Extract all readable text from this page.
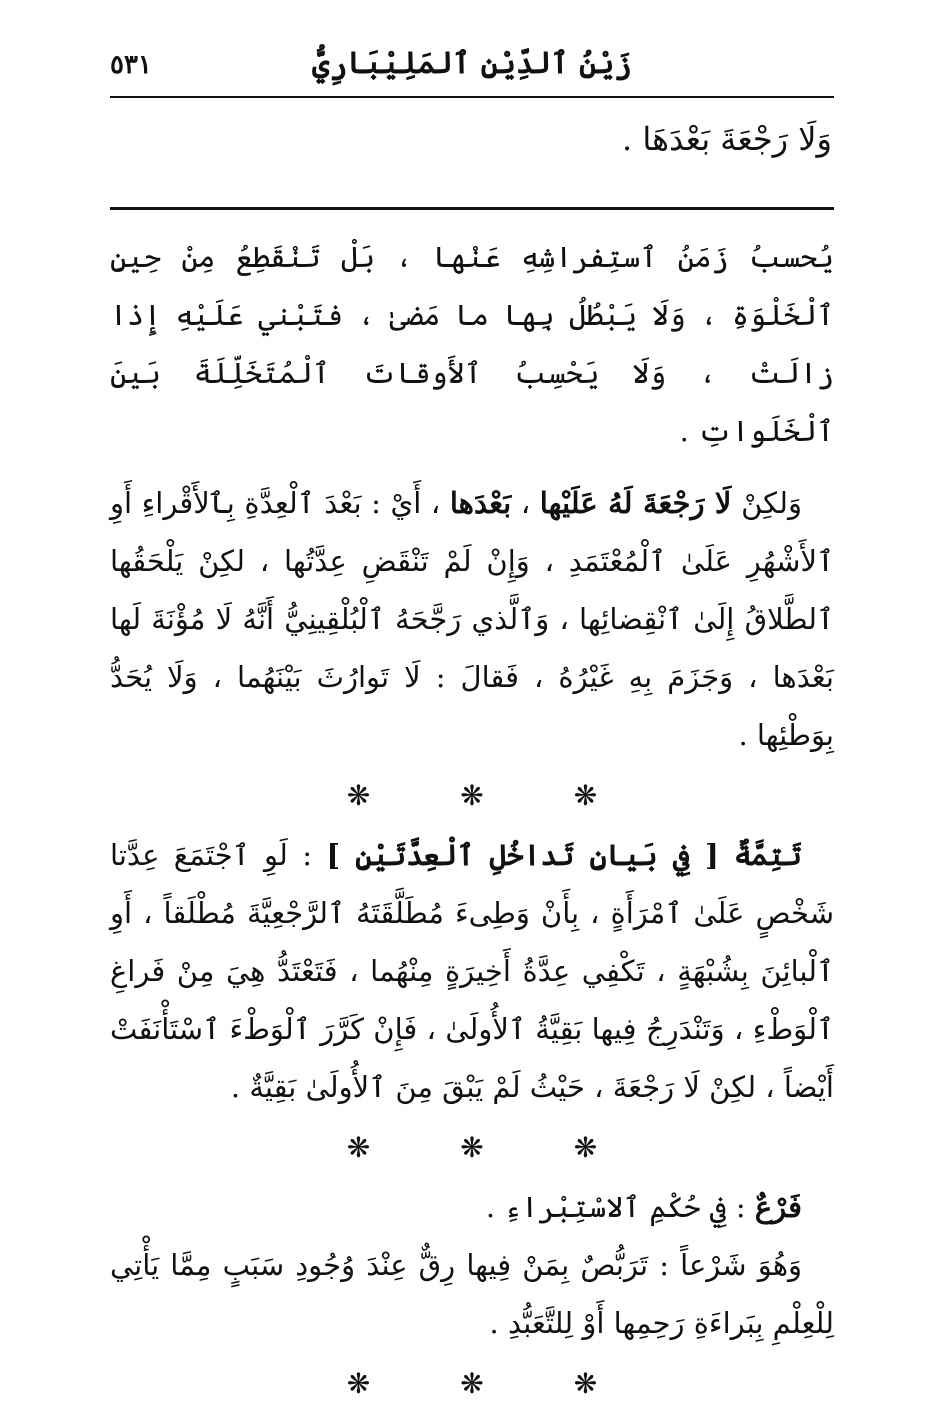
زَيْنُ ٱلدِّيْنِ ٱلمَلِيْبَارِيُّ
٥٣١
وَلَا رَجْعَةَ بَعْدَهَا .

يُحسبُ زَمَنُ ٱستِفراشِهِ عَنْها ، بَلْ تَنْقَطِعُ مِنْ حِينِ ٱلْخَلْوَةِ ، وَلَا يَبْطُلُ بِها ما مَضىٰ ، فتَبْني عَلَيْهِ إِذا زالَتْ ، وَلَا يَحْسِبُ ٱلأَوقاتَ ٱلْمُتَخَلِّلَةَ بَينَ ٱلْخَلَواتِ .

وَلكِنْ لَا رَجْعَةَ لَهُ عَلَيْها ، بَعْدَها ، أَيْ : بَعْدَ ٱلْعِدَّةِ بِٱلأَقْراءِ أَوِ ٱلأَشْهُرِ عَلَىٰ ٱلْمُعْتَمَدِ ، وَإِنْ لَمْ تَنْقَضِ عِدَّتُها ، لكِنْ يَلْحَقُها ٱلطَّلاقُ إِلَىٰ ٱنْقِضائِها ، وَٱلَّذي رَجَّحَهُ ٱلْبُلْقِينِيُّ أَنَّهُ لَا مُؤْنَةَ لَها بَعْدَها ، وَجَزَمَ بِهِ غَيْرُهُ ، فَقالَ : لَا تَوارُثَ بَيْنَهُما ، وَلَا يُحَدُّ بِوَطْئِها .

❋	❋	❋

تَتِمَّةٌ [ فِي بَيانِ تَداخُلِ ٱلْعِدَّتَيْنِ ] : لَوِ ٱجْتَمَعَ عِدَّتا شَخْصٍ عَلَىٰ ٱمْرَأَةٍ ، بِأَنْ وَطِىءَ مُطَلَّقَتَهُ ٱلرَّجْعِيَّةَ مُطْلَقاً ، أَوِ ٱلْبائِنَ بِشُبْهَةٍ ، تَكْفِي عِدَّةُ أَخِيرَةٍ مِنْهُما ، فَتَعْتَدُّ هِيَ مِنْ فَراغِ ٱلْوَطْءِ ، وَتَنْدَرِجُ فِيها بَقِيَّةُ ٱلأُولَىٰ ، فَإِنْ كَرَّرَ ٱلْوَطْءَ ٱسْتَأْنَفَتْ أَيْضاً ، لكِنْ لَا رَجْعَةَ ، حَيْثُ لَمْ يَبْقَ مِنَ ٱلأُولَىٰ بَقِيَّةٌ .

❋	❋	❋

فَرْعٌ : فِي حُكْمِ ٱلاسْتِبْراءِ .

وَهُوَ شَرْعاً : تَرَبُّصٌ بِمَنْ فِيها رِقٌّ عِنْدَ وُجُودِ سَبَبٍ مِمَّا يَأْتِي لِلْعِلْمِ بِبَراءَةِ رَحِمِها أَوْ لِلتَّعَبُّدِ .

❋	❋	❋
